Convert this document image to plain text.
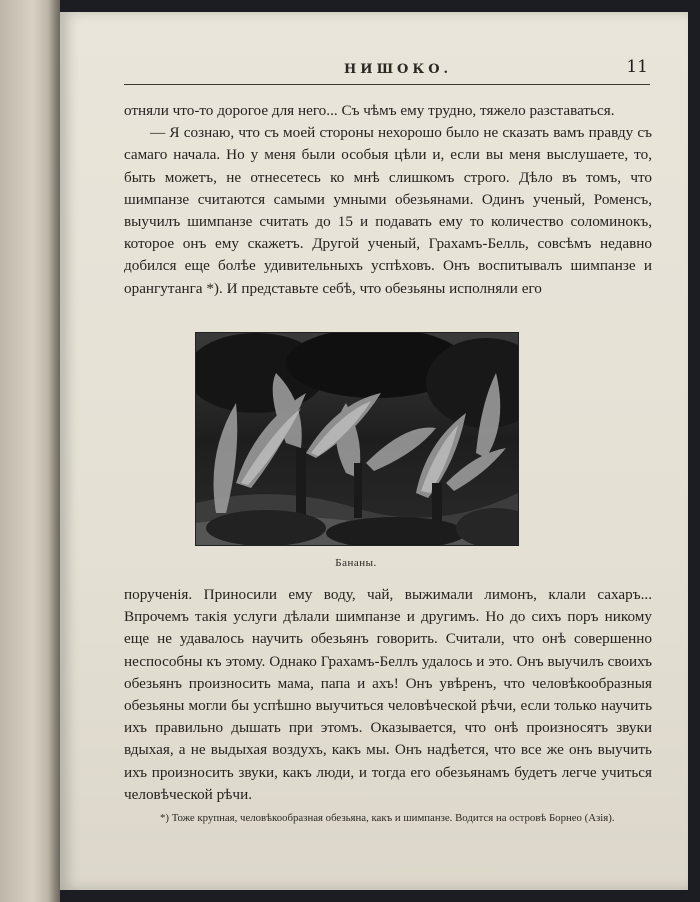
НИШОКО.	11

отняли что-то дорогое для него... Съ чѣмъ ему трудно, тяжело разставаться.

— Я сознаю, что съ моей стороны нехорошо было не сказать вамъ правду съ самаго начала. Но у меня были особыя цѣли и, если вы меня выслушаете, то, быть можетъ, не отнесетесь ко мнѣ слишкомъ строго. Дѣло въ томъ, что шимпанзе считаются самыми умными обезьянами. Одинъ ученый, Роменсъ, выучилъ шимпанзе считать до 15 и подавать ему то количество соломинокъ, которое онъ ему скажетъ. Другой ученый, Грахамъ-Белль, совсѣмъ недавно добился еще болѣе удивительныхъ успѣховъ. Онъ воспитывалъ шимпанзе и орангутанга *). И представьте себѣ, что обезьяны исполняли его

Бананы.

порученія. Приносили ему воду, чай, выжимали лимонъ, клали сахаръ... Впрочемъ такія услуги дѣлали шимпанзе и другимъ. Но до сихъ поръ никому еще не удавалось научить обезьянъ говорить. Считали, что онѣ совершенно неспособны къ этому. Однако Грахамъ-Беллъ удалось и это. Онъ выучилъ своихъ обезьянъ произносить мама, папа и ахъ! Онъ увѣренъ, что человѣкообразныя обезьяны могли бы успѣшно выучиться человѣческой рѣчи, если только научить ихъ правильно дышать при этомъ. Оказывается, что онѣ произносятъ звуки вдыхая, а не выдыхая воздухъ, какъ мы. Онъ надѣется, что все же онъ выучить ихъ произносить звуки, какъ люди, и тогда его обезьянамъ будетъ легче учиться человѣческой рѣчи.

*) Тоже крупная, человѣкообразная обезьяна, какъ и шимпанзе. Водится на островѣ Борнео (Азія).
